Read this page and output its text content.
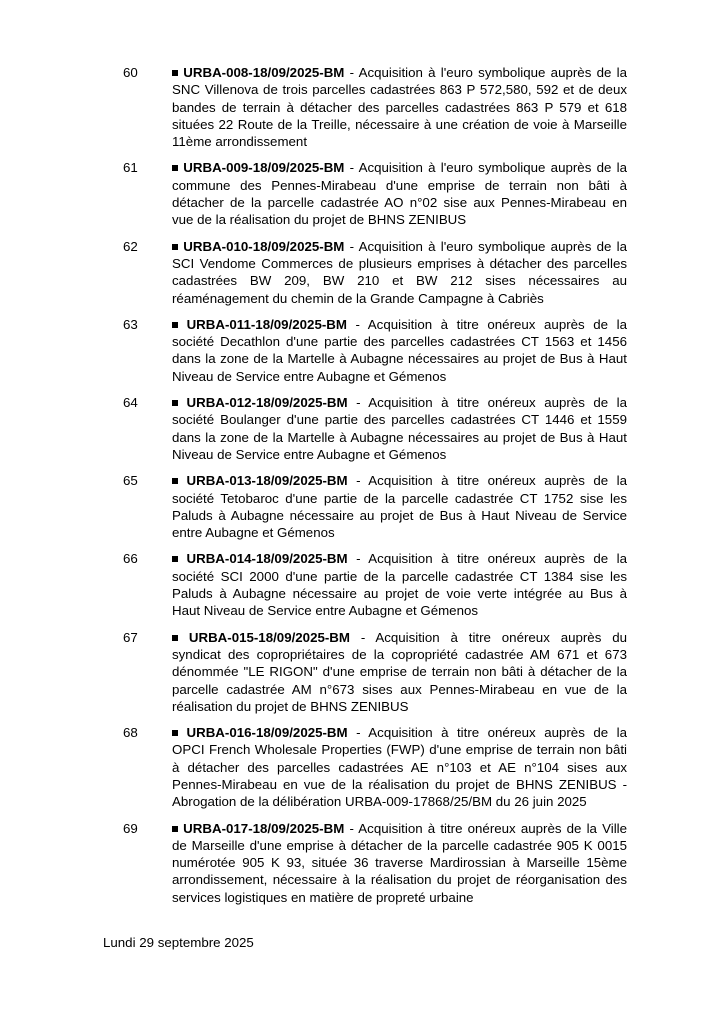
60	URBA-008-18/09/2025-BM - Acquisition à l'euro symbolique auprès de la
SNC Villenova de trois parcelles cadastrées 863 P 572,580, 592 et de deux
bandes de terrain à détacher des parcelles cadastrées 863 P 579 et 618
situées 22 Route de la Treille, nécessaire à une création de voie à Marseille
11ème arrondissement
61	URBA-009-18/09/2025-BM - Acquisition à l'euro symbolique auprès de la
commune des Pennes-Mirabeau d'une emprise de terrain non bâti à
détacher de la parcelle cadastrée AO n°02 sise aux Pennes-Mirabeau en
vue de la réalisation du projet de BHNS ZENIBUS
62	URBA-010-18/09/2025-BM - Acquisition à l'euro symbolique auprès de la
SCI Vendome Commerces de plusieurs emprises à détacher des parcelles
cadastrées BW 209, BW 210 et BW 212 sises nécessaires au
réaménagement du chemin de la Grande Campagne à Cabriès
63	URBA-011-18/09/2025-BM - Acquisition à titre onéreux auprès de la
société Decathlon d'une partie des parcelles cadastrées CT 1563 et 1456
dans la zone de la Martelle à Aubagne nécessaires au projet de Bus à Haut
Niveau de Service entre Aubagne et Gémenos
64	URBA-012-18/09/2025-BM - Acquisition à titre onéreux auprès de la
société Boulanger d'une partie des parcelles cadastrées CT 1446 et 1559
dans la zone de la Martelle à Aubagne nécessaires au projet de Bus à Haut
Niveau de Service entre Aubagne et Gémenos
65	URBA-013-18/09/2025-BM - Acquisition à titre onéreux auprès de la
société Tetobaroc d'une partie de la parcelle cadastrée CT 1752 sise les
Paluds à Aubagne nécessaire au projet de Bus à Haut Niveau de Service
entre Aubagne et Gémenos
66	URBA-014-18/09/2025-BM - Acquisition à titre onéreux auprès de la
société SCI 2000 d'une partie de la parcelle cadastrée CT 1384 sise les
Paluds à Aubagne nécessaire au projet de voie verte intégrée au Bus à
Haut Niveau de Service entre Aubagne et Gémenos
67	URBA-015-18/09/2025-BM - Acquisition à titre onéreux auprès du
syndicat des copropriétaires de la copropriété cadastrée AM 671 et 673
dénommée "LE RIGON" d'une emprise de terrain non bâti à détacher de la
parcelle cadastrée AM n°673 sises aux Pennes-Mirabeau en vue de la
réalisation du projet de BHNS ZENIBUS
68	URBA-016-18/09/2025-BM - Acquisition à titre onéreux auprès de la
OPCI French Wholesale Properties (FWP) d'une emprise de terrain non bâti
à détacher des parcelles cadastrées AE n°103 et AE n°104 sises aux
Pennes-Mirabeau en vue de la réalisation du projet de BHNS ZENIBUS -
Abrogation de la délibération URBA-009-17868/25/BM du 26 juin 2025
69	URBA-017-18/09/2025-BM - Acquisition à titre onéreux auprès de la Ville
de Marseille d'une emprise à détacher de la parcelle cadastrée 905 K 0015
numérotée 905 K 93, située 36 traverse Mardirossian à Marseille 15ème
arrondissement, nécessaire à la réalisation du projet de réorganisation des
services logistiques en matière de propreté urbaine
Lundi 29 septembre 2025
